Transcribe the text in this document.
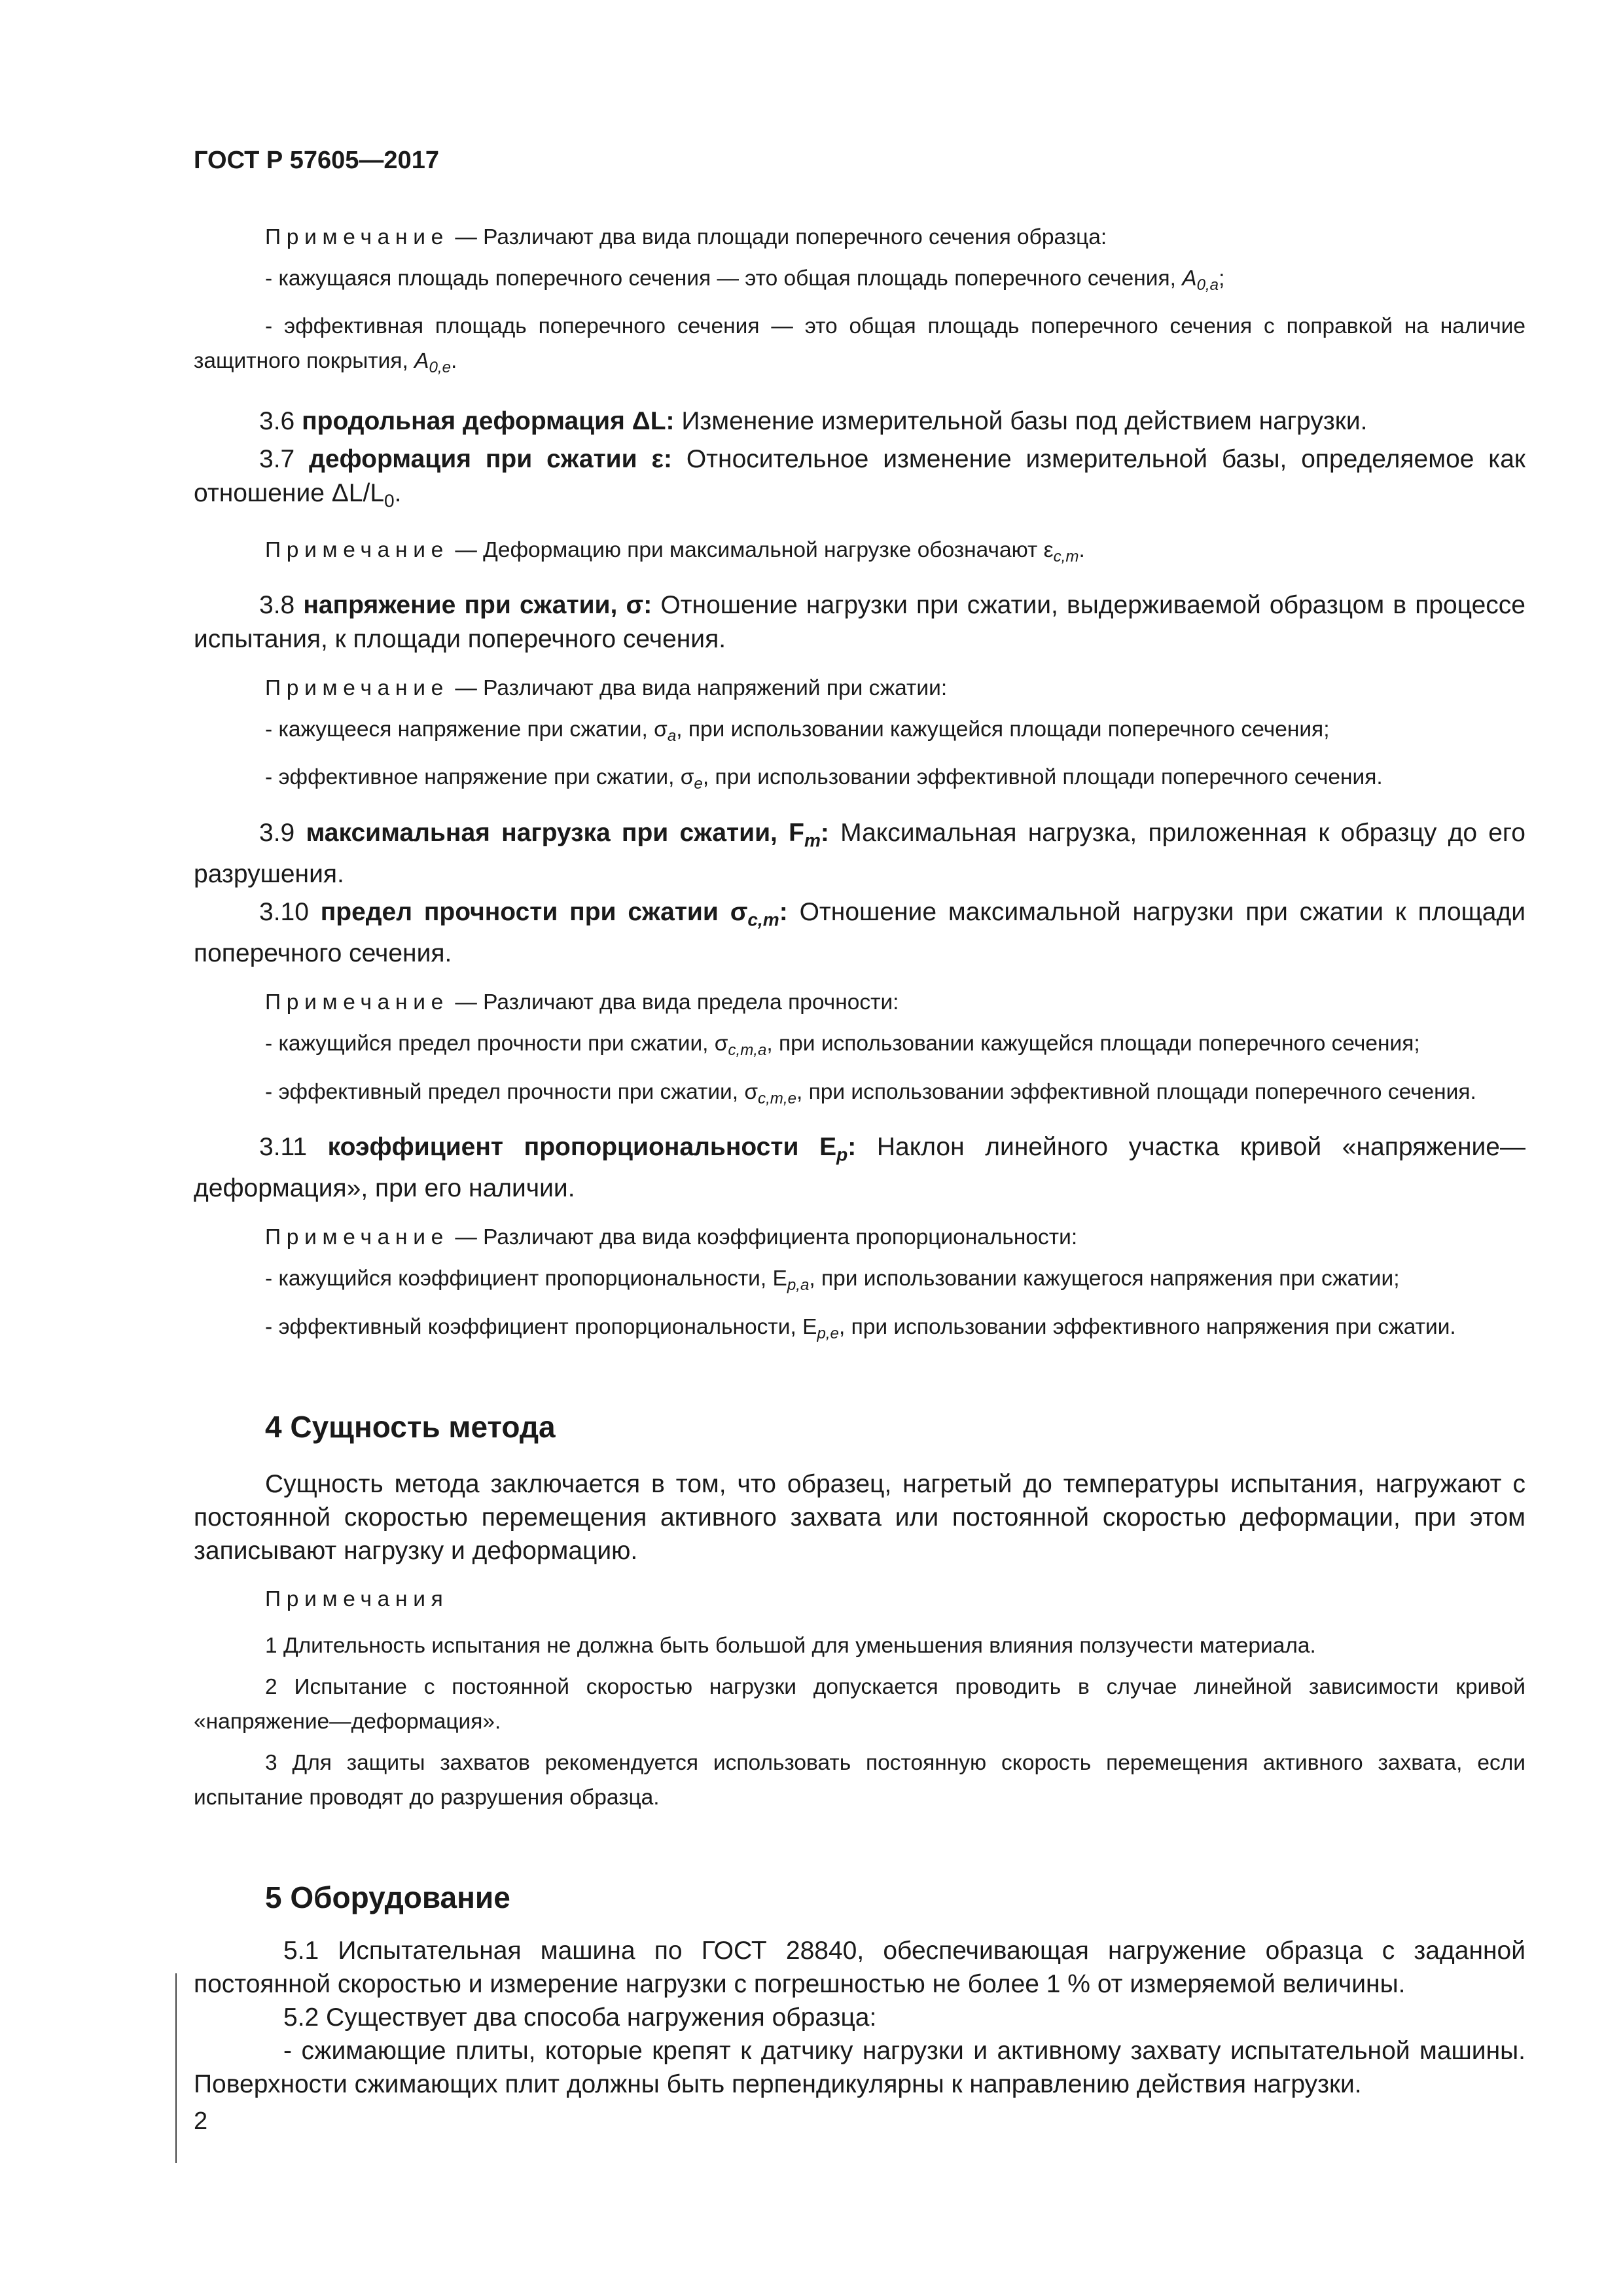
ГОСТ Р 57605—2017

Примечание — Различают два вида площади поперечного сечения образца:

- кажущаяся площадь поперечного сечения — это общая площадь поперечного сечения, $A_{0,a}$;

- эффективная площадь поперечного сечения — это общая площадь поперечного сечения с поправкой на наличие защитного покрытия, $A_{0,e}$.

3.6 продольная деформация ΔL: Изменение измерительной базы под действием нагрузки.

3.7 деформация при сжатии ε: Относительное изменение измерительной базы, определяемое как отношение $\Delta L/L_0$.

Примечание — Деформацию при максимальной нагрузке обозначают $\varepsilon_{c,m}$.

3.8 напряжение при сжатии, σ: Отношение нагрузки при сжатии, выдерживаемой образцом в процессе испытания, к площади поперечного сечения.

Примечание — Различают два вида напряжений при сжатии:

- кажущееся напряжение при сжатии, $\sigma_a$, при использовании кажущейся площади поперечного сечения;

- эффективное напряжение при сжатии, $\sigma_e$, при использовании эффективной площади поперечного сечения.

3.9 максимальная нагрузка при сжатии, $F_m$: Максимальная нагрузка, приложенная к образцу до его разрушения.

3.10 предел прочности при сжатии $\sigma_{c,m}$: Отношение максимальной нагрузки при сжатии к площади поперечного сечения.

Примечание — Различают два вида предела прочности:

- кажущийся предел прочности при сжатии, $\sigma_{c,m,a}$, при использовании кажущейся площади поперечного сечения;

- эффективный предел прочности при сжатии, $\sigma_{c,m,e}$, при использовании эффективной площади поперечного сечения.

3.11 коэффициент пропорциональности $E_p$: Наклон линейного участка кривой «напряжение—деформация», при его наличии.

Примечание — Различают два вида коэффициента пропорциональности:

- кажущийся коэффициент пропорциональности, $E_{p,a}$, при использовании кажущегося напряжения при сжатии;

- эффективный коэффициент пропорциональности, $E_{p,e}$, при использовании эффективного напряжения при сжатии.

4 Сущность метода

Сущность метода заключается в том, что образец, нагретый до температуры испытания, нагружают с постоянной скоростью перемещения активного захвата или постоянной скоростью деформации, при этом записывают нагрузку и деформацию.

Примечания

1 Длительность испытания не должна быть большой для уменьшения влияния ползучести материала.

2 Испытание с постоянной скоростью нагрузки допускается проводить в случае линейной зависимости кривой «напряжение—деформация».

3 Для защиты захватов рекомендуется использовать постоянную скорость перемещения активного захвата, если испытание проводят до разрушения образца.

5 Оборудование

5.1 Испытательная машина по ГОСТ 28840, обеспечивающая нагружение образца с заданной постоянной скоростью и измерение нагрузки с погрешностью не более 1 % от измеряемой величины.

5.2 Существует два способа нагружения образца:

- сжимающие плиты, которые крепят к датчику нагрузки и активному захвату испытательной машины. Поверхности сжимающих плит должны быть перпендикулярны к направлению действия нагрузки.

2
